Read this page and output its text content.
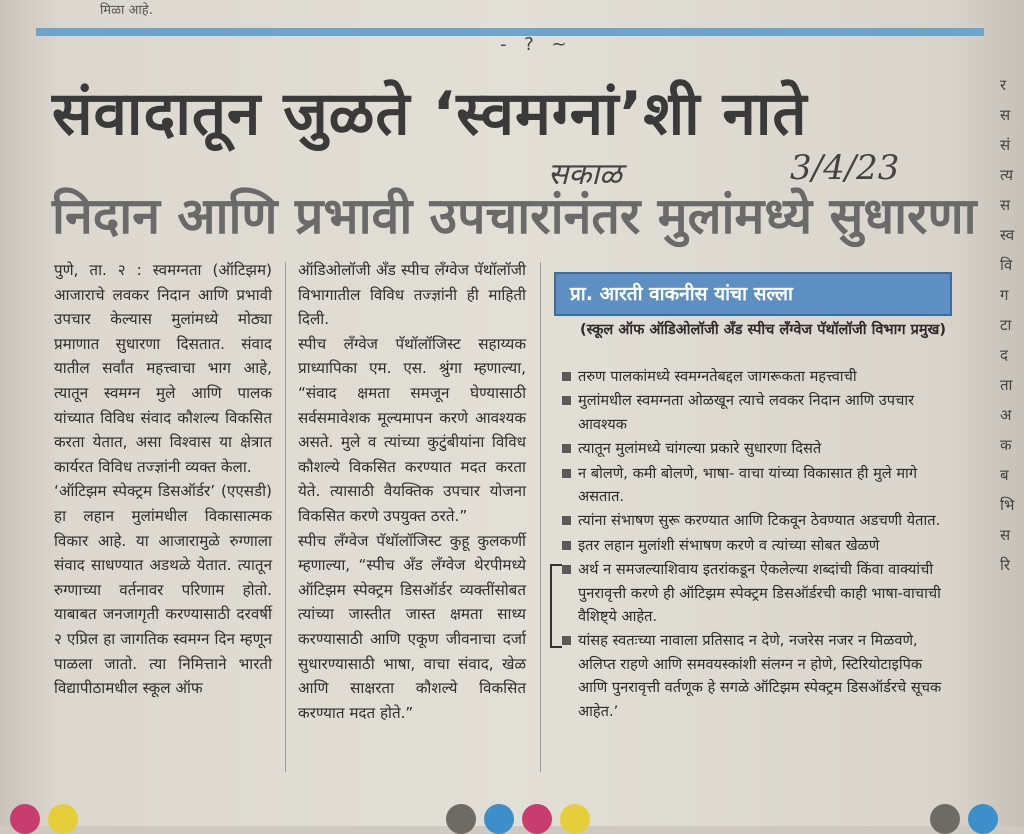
मिळा आहे.
- ? ~
संवादातून जुळते ‘स्वमग्नां’शी नाते
निदान आणि प्रभावी उपचारांनंतर मुलांमध्ये सुधारणा
सकाळ	3/4/23

पुणे, ता. २ : स्वमग्नता (ऑटिझम) आजाराचे लवकर निदान आणि प्रभावी उपचार केल्यास मुलांमध्ये मोठ्या प्रमाणात सुधारणा दिसतात. संवाद यातील सर्वांत महत्त्वाचा भाग आहे, त्यातून स्वमग्न मुले आणि पालक यांच्यात विविध संवाद कौशल्य विकसित करता येतात, असा विश्वास या क्षेत्रात कार्यरत विविध तज्ज्ञांनी व्यक्त केला.

‘ऑटिझम स्पेक्ट्रम डिसऑर्डर’ (एएसडी) हा लहान मुलांमधील विकासात्मक विकार आहे. या आजारामुळे रुग्णाला संवाद साधण्यात अडथळे येतात. त्यातून रुग्णाच्या वर्तनावर परिणाम होतो. याबाबत जनजागृती करण्यासाठी दरवर्षी २ एप्रिल हा जागतिक स्वमग्न दिन म्हणून पाळला जातो. त्या निमित्ताने भारती विद्यापीठामधील स्कूल ऑफ

ऑडिओलॉजी अँड स्पीच लँग्वेज पॅथॉलॉजी विभागातील विविध तज्ज्ञांनी ही माहिती दिली.

स्पीच लँग्वेज पॅथॉलॉजिस्ट सहाय्यक प्राध्यापिका एम. एस. श्रुंगा म्हणाल्या, “संवाद क्षमता समजून घेण्यासाठी सर्वसमावेशक मूल्यमापन करणे आवश्यक असते. मुले व त्यांच्या कुटुंबीयांना विविध कौशल्ये विकसित करण्यात मदत करता येते. त्यासाठी वैयक्तिक उपचार योजना विकसित करणे उपयुक्त ठरते.”

स्पीच लँग्वेज पॅथॉलॉजिस्ट कुहू कुलकर्णी म्हणाल्या, “स्पीच अँड लँग्वेज थेरपीमध्ये ऑटिझम स्पेक्ट्रम डिसऑर्डर व्यक्तींसोबत त्यांच्या जास्तीत जास्त क्षमता साध्य करण्यासाठी आणि एकूण जीवनाचा दर्जा सुधारण्यासाठी भाषा, वाचा संवाद, खेळ आणि साक्षरता कौशल्ये विकसित करण्यात मदत होते.”

प्रा. आरती वाकनीस यांचा सल्ला
(स्कूल ऑफ ऑडिओलॉजी अँड स्पीच लँग्वेज पॅथॉलॉजी विभाग प्रमुख)
तरुण पालकांमध्ये स्वमग्नतेबद्दल जागरूकता महत्त्वाची
मुलांमधील स्वमग्नता ओळखून त्याचे लवकर निदान आणि उपचार आवश्यक
त्यातून मुलांमध्ये चांगल्या प्रकारे सुधारणा दिसते
न बोलणे, कमी बोलणे, भाषा- वाचा यांच्या विकासात ही मुले मागे असतात.
त्यांना संभाषण सुरू करण्यात आणि टिकवून ठेवण्यात अडचणी येतात.
इतर लहान मुलांशी संभाषण करणे व त्यांच्या सोबत खेळणे
अर्थ न समजल्याशिवाय इतरांकडून ऐकलेल्या शब्दांची किंवा वाक्यांची पुनरावृत्ती करणे ही ऑटिझम स्पेक्ट्रम डिसऑर्डरची काही भाषा-वाचाची वैशिष्ट्ये आहेत.
यांसह स्वतःच्या नावाला प्रतिसाद न देणे, नजरेस नजर न मिळवणे, अलिप्त राहणे आणि समवयस्कांशी संलग्न न होणे, स्टिरियोटाइपिक आणि पुनरावृत्ती वर्तणूक हे सगळे ऑटिझम स्पेक्ट्रम डिसऑर्डरचे सूचक आहेत.’
र
स
सं
त्य
स
स्व
वि
ग
टा
द
ता
अ
क
ब
भि
स
रि
